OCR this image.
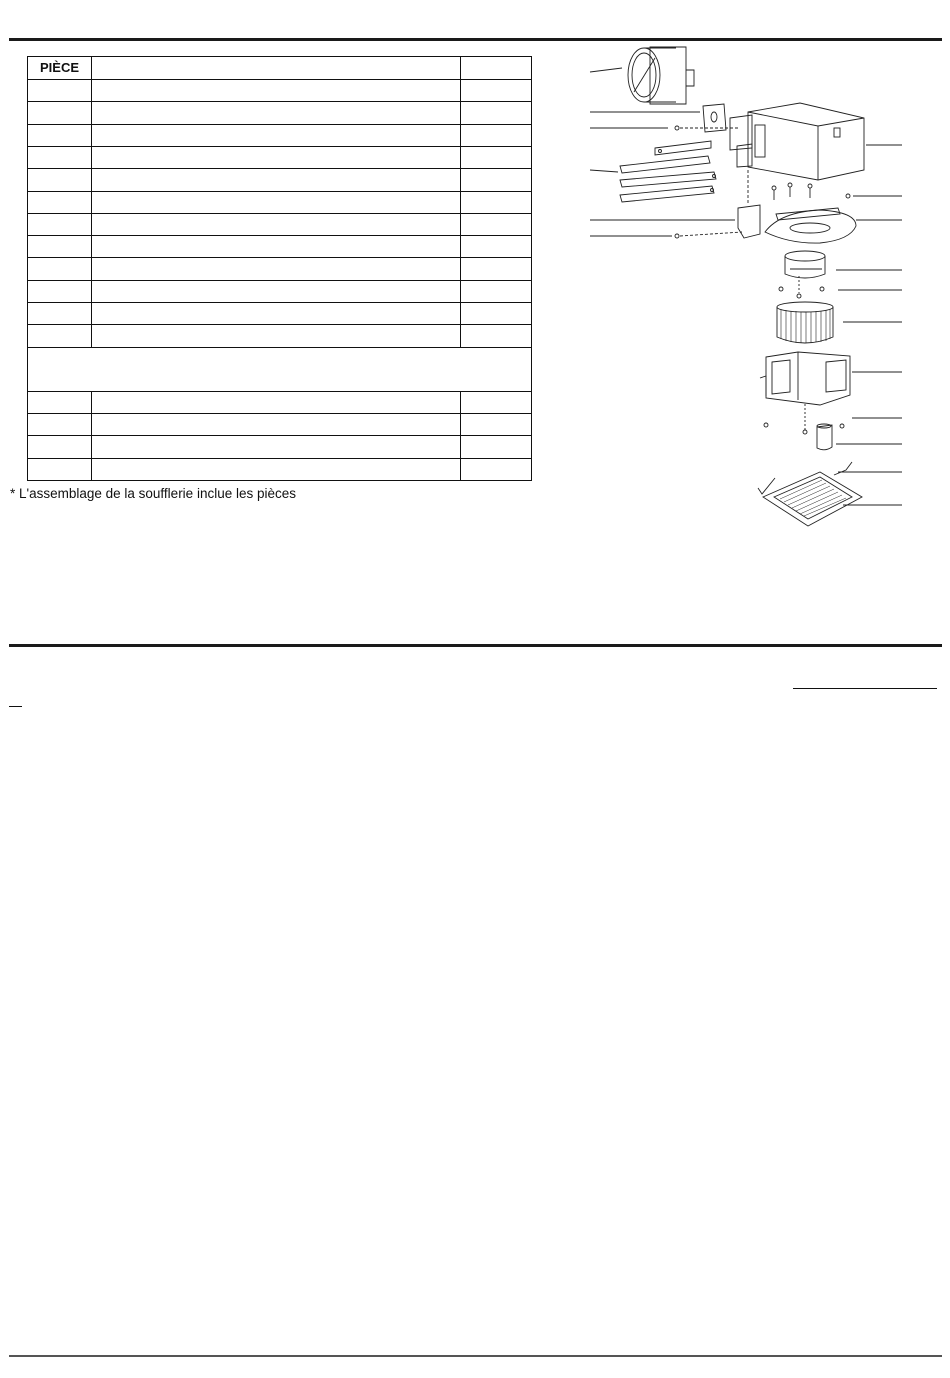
PIÈCE
* L'assemblage de la soufflerie inclue les pièces
